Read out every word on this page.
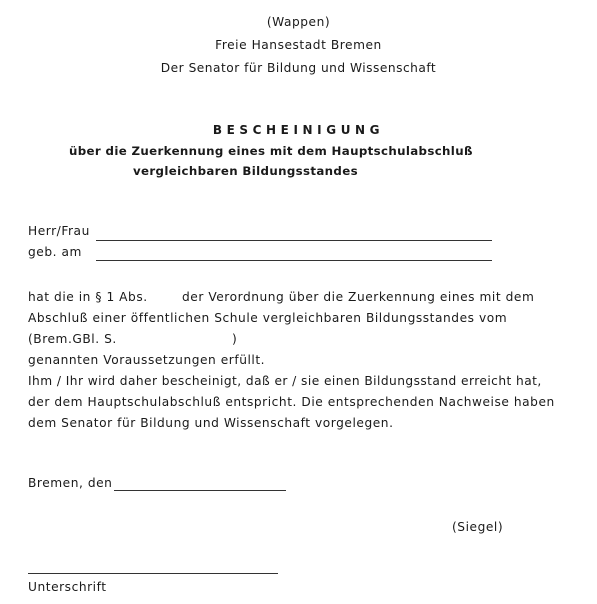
(Wappen)
Freie Hansestadt Bremen
Der Senator für Bildung und Wissenschaft
BESCHEINIGUNG
über die Zuerkennung eines mit dem Hauptschulabschluß
vergleichbaren Bildungsstandes
Herr/Frau
geb. am
hat die in § 1 Abs.	der Verordnung über die Zuerkennung eines mit dem
Abschluß einer öffentlichen Schule vergleichbaren Bildungsstandes vom
(Brem.GBl. S.	)
genannten Voraussetzungen erfüllt.
Ihm / Ihr wird daher bescheinigt, daß er / sie einen Bildungsstand erreicht hat,
der dem Hauptschulabschluß entspricht. Die entsprechenden Nachweise haben
dem Senator für Bildung und Wissenschaft vorgelegen.
Bremen, den
(Siegel)
Unterschrift
